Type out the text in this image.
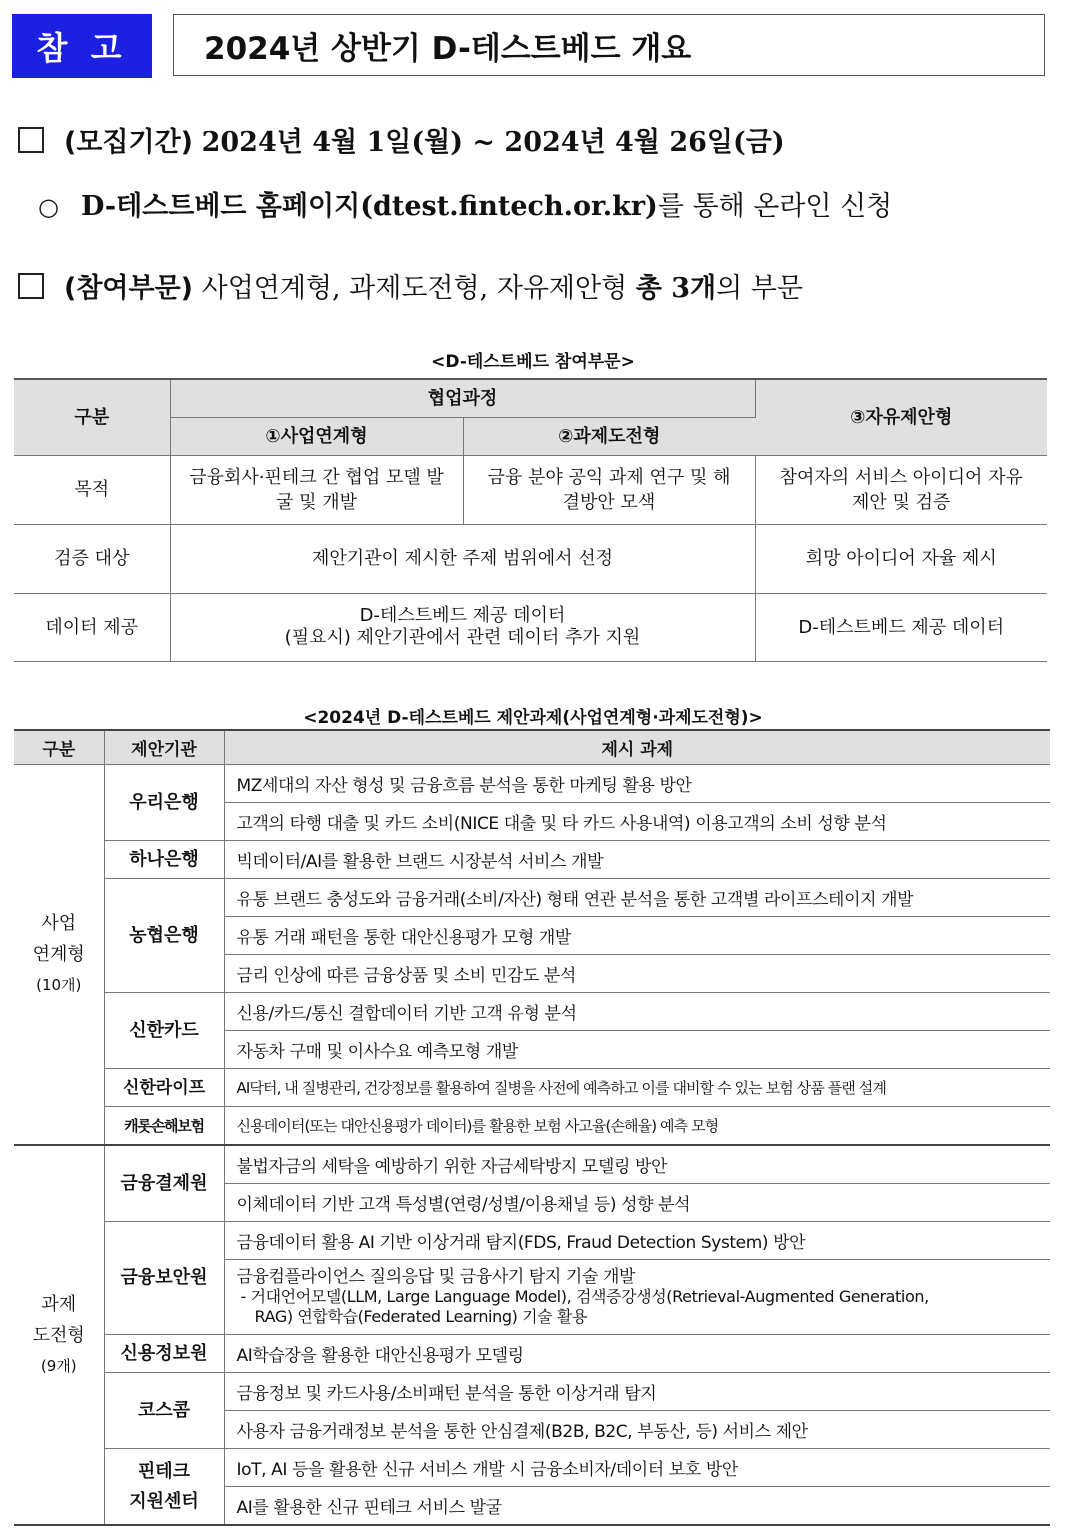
참 고	2024년 상반기 D-테스트베드 개요
(모집기간) 2024년 4월 1일(월) ~ 2024년 4월 26일(금)
○ D-테스트베드 홈페이지(dtest.fintech.or.kr)를 통해 온라인 신청
(참여부문) 사업연계형, 과제도전형, 자유제안형 총 3개의 부문
<D-테스트베드 참여부문>
구분	협업과정		③자유제안형
	①사업연계형	②과제도전형	
목적	금융회사·핀테크 간 협업 모델 발굴 및 개발	금융 분야 공익 과제 연구 및 해결방안 모색	참여자의 서비스 아이디어 자유 제안 및 검증
검증 대상	제안기관이 제시한 주제 범위에서 선정		희망 아이디어 자율 제시
데이터 제공	D-테스트베드 제공 데이터
(필요시) 제안기관에서 관련 데이터 추가 지원		D-테스트베드 제공 데이터
<2024년 D-테스트베드 제안과제(사업연계형·과제도전형)>
구분	제안기관	제시 과제

사업
연계형
(10개)	우리은행	MZ세대의 자산 형성 및 금융흐름 분석을 통한 마케팅 활용 방안
		고객의 타행 대출 및 카드 소비(NICE 대출 및 타 카드 사용내역) 이용고객의 소비 성향 분석
	하나은행	빅데이터/AI를 활용한 브랜드 시장분석 서비스 개발
	농협은행	유통 브랜드 충성도와 금융거래(소비/자산) 형태 연관 분석을 통한 고객별 라이프스테이지 개발
		유통 거래 패턴을 통한 대안신용평가 모형 개발
		금리 인상에 따른 금융상품 및 소비 민감도 분석
	신한카드	신용/카드/통신 결합데이터 기반 고객 유형 분석
		자동차 구매 및 이사수요 예측모형 개발
	신한라이프	AI닥터, 내 질병관리, 건강정보를 활용하여 질병을 사전에 예측하고 이를 대비할 수 있는 보험 상품 플랜 설계
	캐롯손해보험	신용데이터(또는 대안신용평가 데이터)를 활용한 보험 사고율(손해율) 예측 모형

과제
도전형
(9개)	금융결제원	불법자금의 세탁을 예방하기 위한 자금세탁방지 모델링 방안
		이체데이터 기반 고객 특성별(연령/성별/이용채널 등) 성향 분석
	금융보안원	금융데이터 활용 AI 기반 이상거래 탐지(FDS, Fraud Detection System) 방안

		금융컴플라이언스 질의응답 및 금융사기 탐지 기술 개발
- 거대언어모델(LLM, Large Language Model), 검색증강생성(Retrieval-Augmented Generation,
RAG) 연합학습(Federated Learning) 기술 활용

	신용정보원	AI학습장을 활용한 대안신용평가 모델링
	코스콤	금융정보 및 카드사용/소비패턴 분석을 통한 이상거래 탐지
		사용자 금융거래정보 분석을 통한 안심결제(B2B, B2C, 부동산, 등) 서비스 제안

	핀테크
지원센터	IoT, AI 등을 활용한 신규 서비스 개발 시 금융소비자/데이터 보호 방안
		AI를 활용한 신규 핀테크 서비스 발굴
